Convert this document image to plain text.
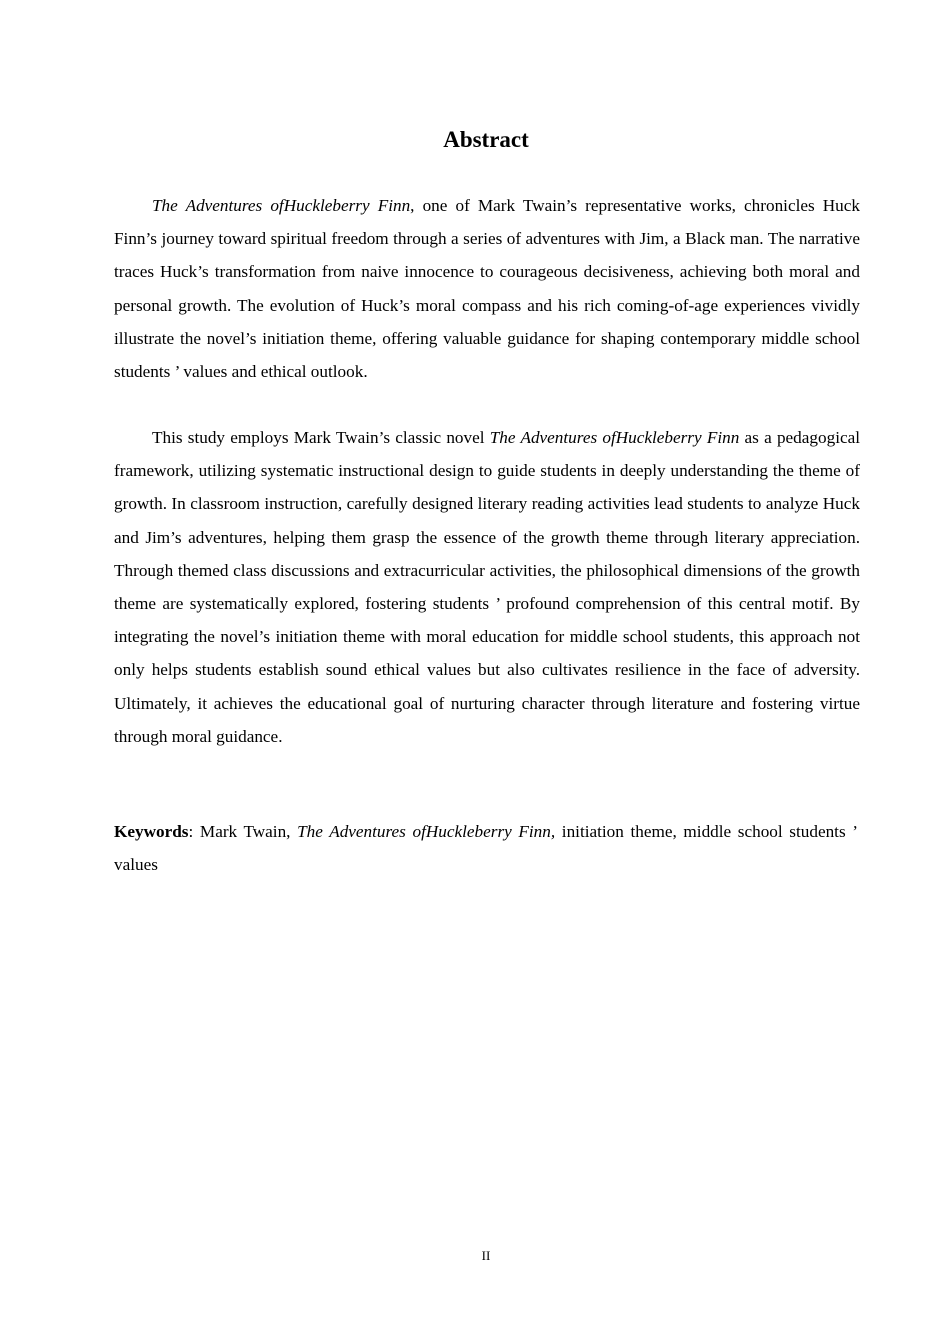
Abstract

The Adventures ofHuckleberry Finn, one of Mark Twain’s representative works, chronicles Huck Finn’s journey toward spiritual freedom through a series of adventures with Jim, a Black man. The narrative traces Huck’s transformation from naive innocence to courageous decisiveness, achieving both moral and personal growth. The evolution of Huck’s moral compass and his rich coming-of-age experiences vividly illustrate the novel’s initiation theme, offering valuable guidance for shaping contemporary middle school students ’ values and ethical outlook.

This study employs Mark Twain’s classic novel The Adventures ofHuckleberry Finn as a pedagogical framework, utilizing systematic instructional design to guide students in deeply understanding the theme of growth. In classroom instruction, carefully designed literary reading activities lead students to analyze Huck and Jim’s adventures, helping them grasp the essence of the growth theme through literary appreciation. Through themed class discussions and extracurricular activities, the philosophical dimensions of the growth theme are systematically explored, fostering students ’ profound comprehension of this central motif. By integrating the novel’s initiation theme with moral education for middle school students, this approach not only helps students establish sound ethical values but also cultivates resilience in the face of adversity. Ultimately, it achieves the educational goal of nurturing character through literature and fostering virtue through moral guidance.

Keywords: Mark Twain, The Adventures ofHuckleberry Finn, initiation theme, middle school students ’ values
II
